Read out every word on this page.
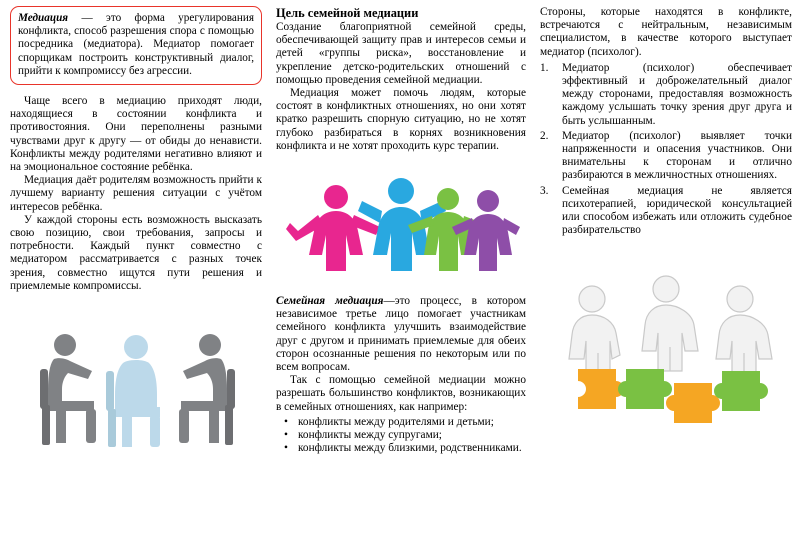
Медиация — это форма урегулирования конфликта, способ разрешения спора с помощью посредника (медиатора). Медиатор помогает спорщикам построить конструктивный диалог, прийти к компромиссу без агрессии.

Чаще всего в медиацию приходят люди, находящиеся в состоянии конфликта и противостояния. Они переполнены разными чувствами друг к другу — от обиды до ненависти. Конфликты между родителями негативно влияют и на эмоциональное состояние ребёнка.

Медиация даёт родителям возможность прийти к лучшему варианту решения ситуации с учётом интересов ребёнка.

У каждой стороны есть возможность высказать свою позицию, свои требования, запросы и потребности. Каждый пункт совместно с медиатором рассматривается с разных точек зрения, совместно ищутся пути решения и приемлемые компромиссы.

Цель семейной медиации

Создание благоприятной семейной среды, обеспечивающей защиту прав и интересов семьи и детей «группы риска», восстановление и укрепление детско-родительских отношений с помощью проведения семейной медиации.

Медиация может помочь людям, которые состоят в конфликтных отношениях, но они хотят кратко разрешить спорную ситуацию, но не хотят глубоко разбираться в корнях возникновения конфликта и не хотят проходить курс терапии.

Семейная медиация—это процесс, в котором независимое третье лицо помогает участникам семейного конфликта улучшить взаимодействие друг с другом и принимать приемлемые для обеих сторон осознанные решения по некоторым или по всем вопросам.

Так с помощью семейной медиации можно разрешать большинство конфликтов, возникающих в семейных отношениях, как например:

• конфликты между родителями и детьми;
• конфликты между супругами;
• конфликты между близкими, родственниками.

Стороны, которые находятся в конфликте, встречаются с нейтральным, независимым специалистом, в качестве которого выступает медиатор (психолог).

1.	Медиатор (психолог) обеспечивает эффективный и доброжелательный диалог между сторонами, предоставляя возможность каждому услышать точку зрения друг друга и быть услышанным.
2.	Медиатор (психолог) выявляет точки напряженности и опасения участников. Они внимательны к сторонам и отлично разбираются в межличностных отношениях.
3.	Семейная медиация не является психотерапией, юридической консультацией или способом избежать или отложить судебное разбирательство
